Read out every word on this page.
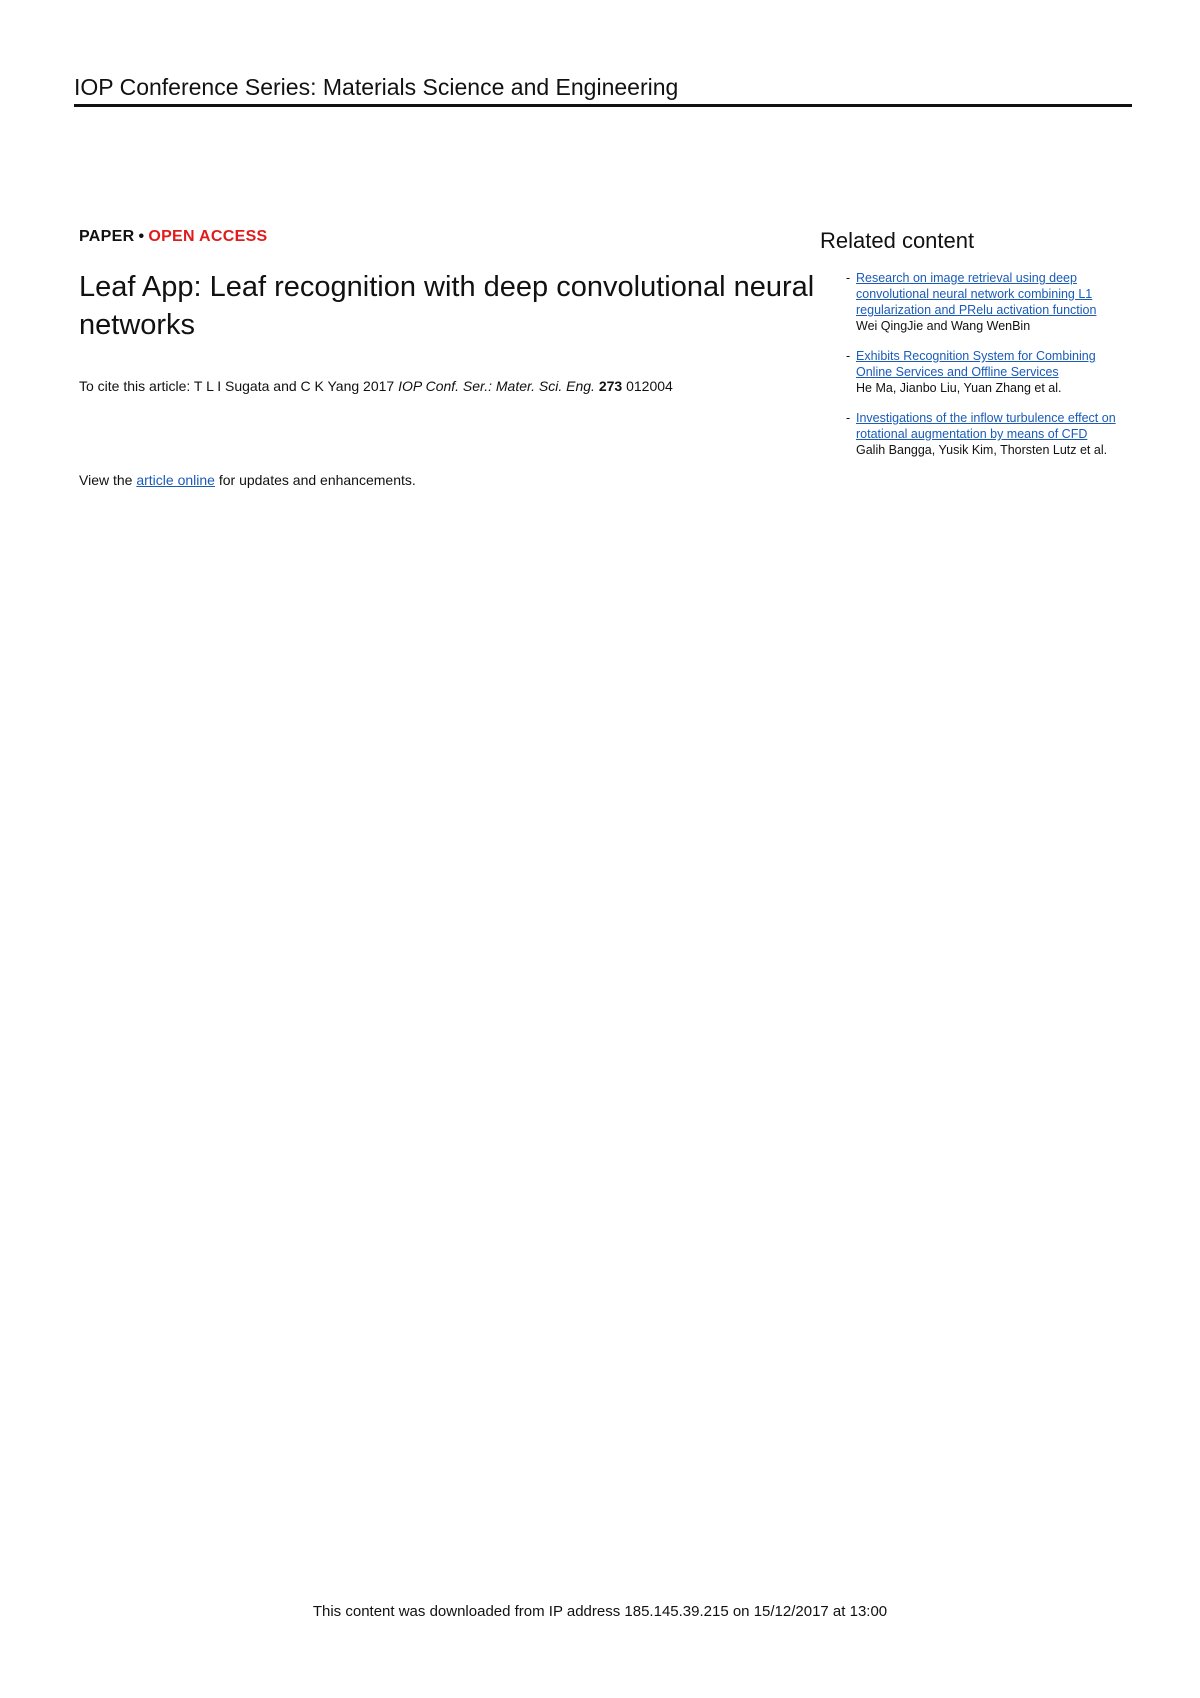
IOP Conference Series: Materials Science and Engineering
PAPER • OPEN ACCESS
Leaf App: Leaf recognition with deep convolutional neural networks
To cite this article: T L I Sugata and C K Yang 2017 IOP Conf. Ser.: Mater. Sci. Eng. 273 012004
View the article online for updates and enhancements.
Related content
- Research on image retrieval using deep convolutional neural network combining L1 regularization and PRelu activation function
Wei QingJie and Wang WenBin
- Exhibits Recognition System for Combining Online Services and Offline Services
He Ma, Jianbo Liu, Yuan Zhang et al.
- Investigations of the inflow turbulence effect on rotational augmentation by means of CFD
Galih Bangga, Yusik Kim, Thorsten Lutz et al.
This content was downloaded from IP address 185.145.39.215 on 15/12/2017 at 13:00
